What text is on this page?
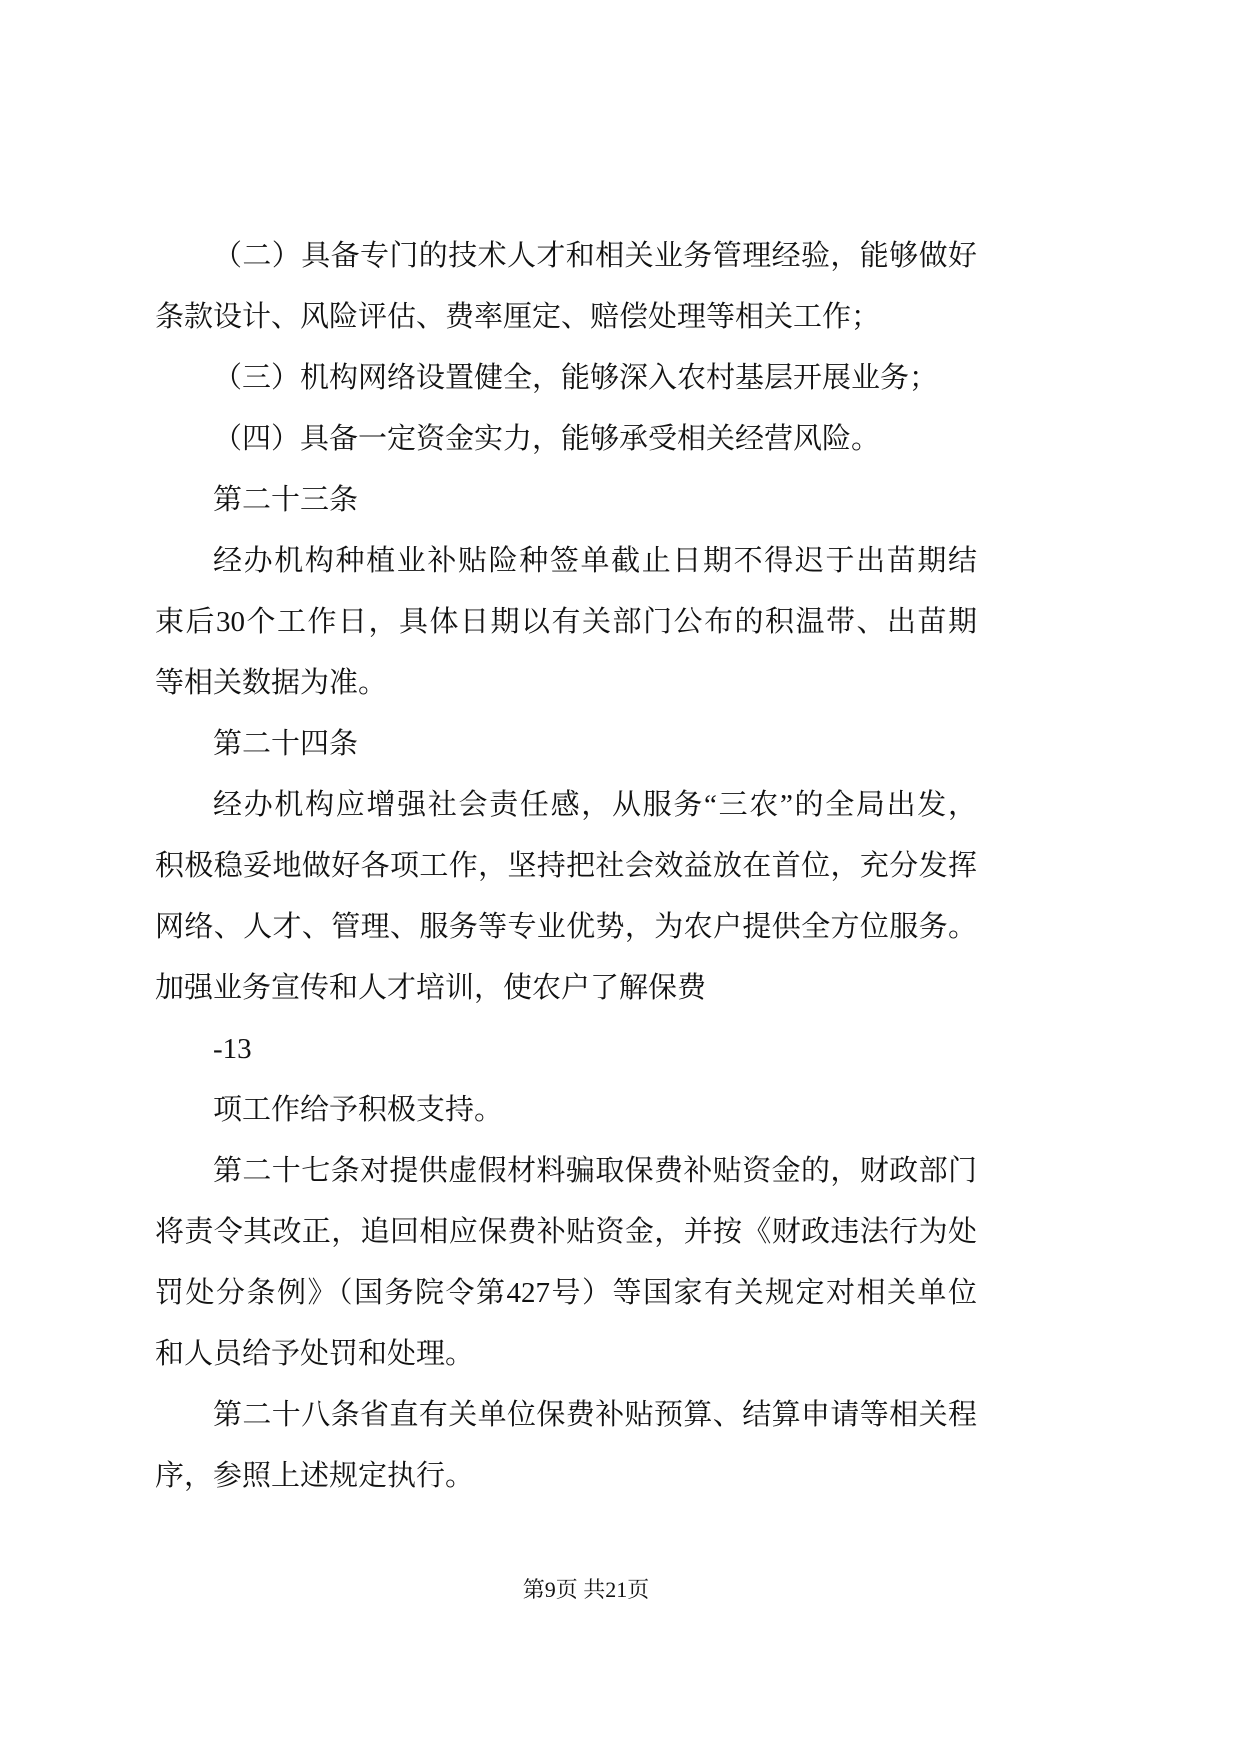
（二）具备专门的技术人才和相关业务管理经验，能够做好
条款设计、风险评估、费率厘定、赔偿处理等相关工作；
（三）机构网络设置健全，能够深入农村基层开展业务；
（四）具备一定资金实力，能够承受相关经营风险。
第二十三条
经办机构种植业补贴险种签单截止日期不得迟于出苗期结
束后30个工作日，具体日期以有关部门公布的积温带、出苗期
等相关数据为准。
第二十四条
经办机构应增强社会责任感，从服务“三农”的全局出发，
积极稳妥地做好各项工作，坚持把社会效益放在首位，充分发挥
网络、人才、管理、服务等专业优势，为农户提供全方位服务。
加强业务宣传和人才培训，使农户了解保费
-13
项工作给予积极支持。
第二十七条对提供虚假材料骗取保费补贴资金的，财政部门
将责令其改正，追回相应保费补贴资金，并按《财政违法行为处
罚处分条例》（国务院令第427号）等国家有关规定对相关单位
和人员给予处罚和处理。
第二十八条省直有关单位保费补贴预算、结算申请等相关程
序，参照上述规定执行。
第9页 共21页
